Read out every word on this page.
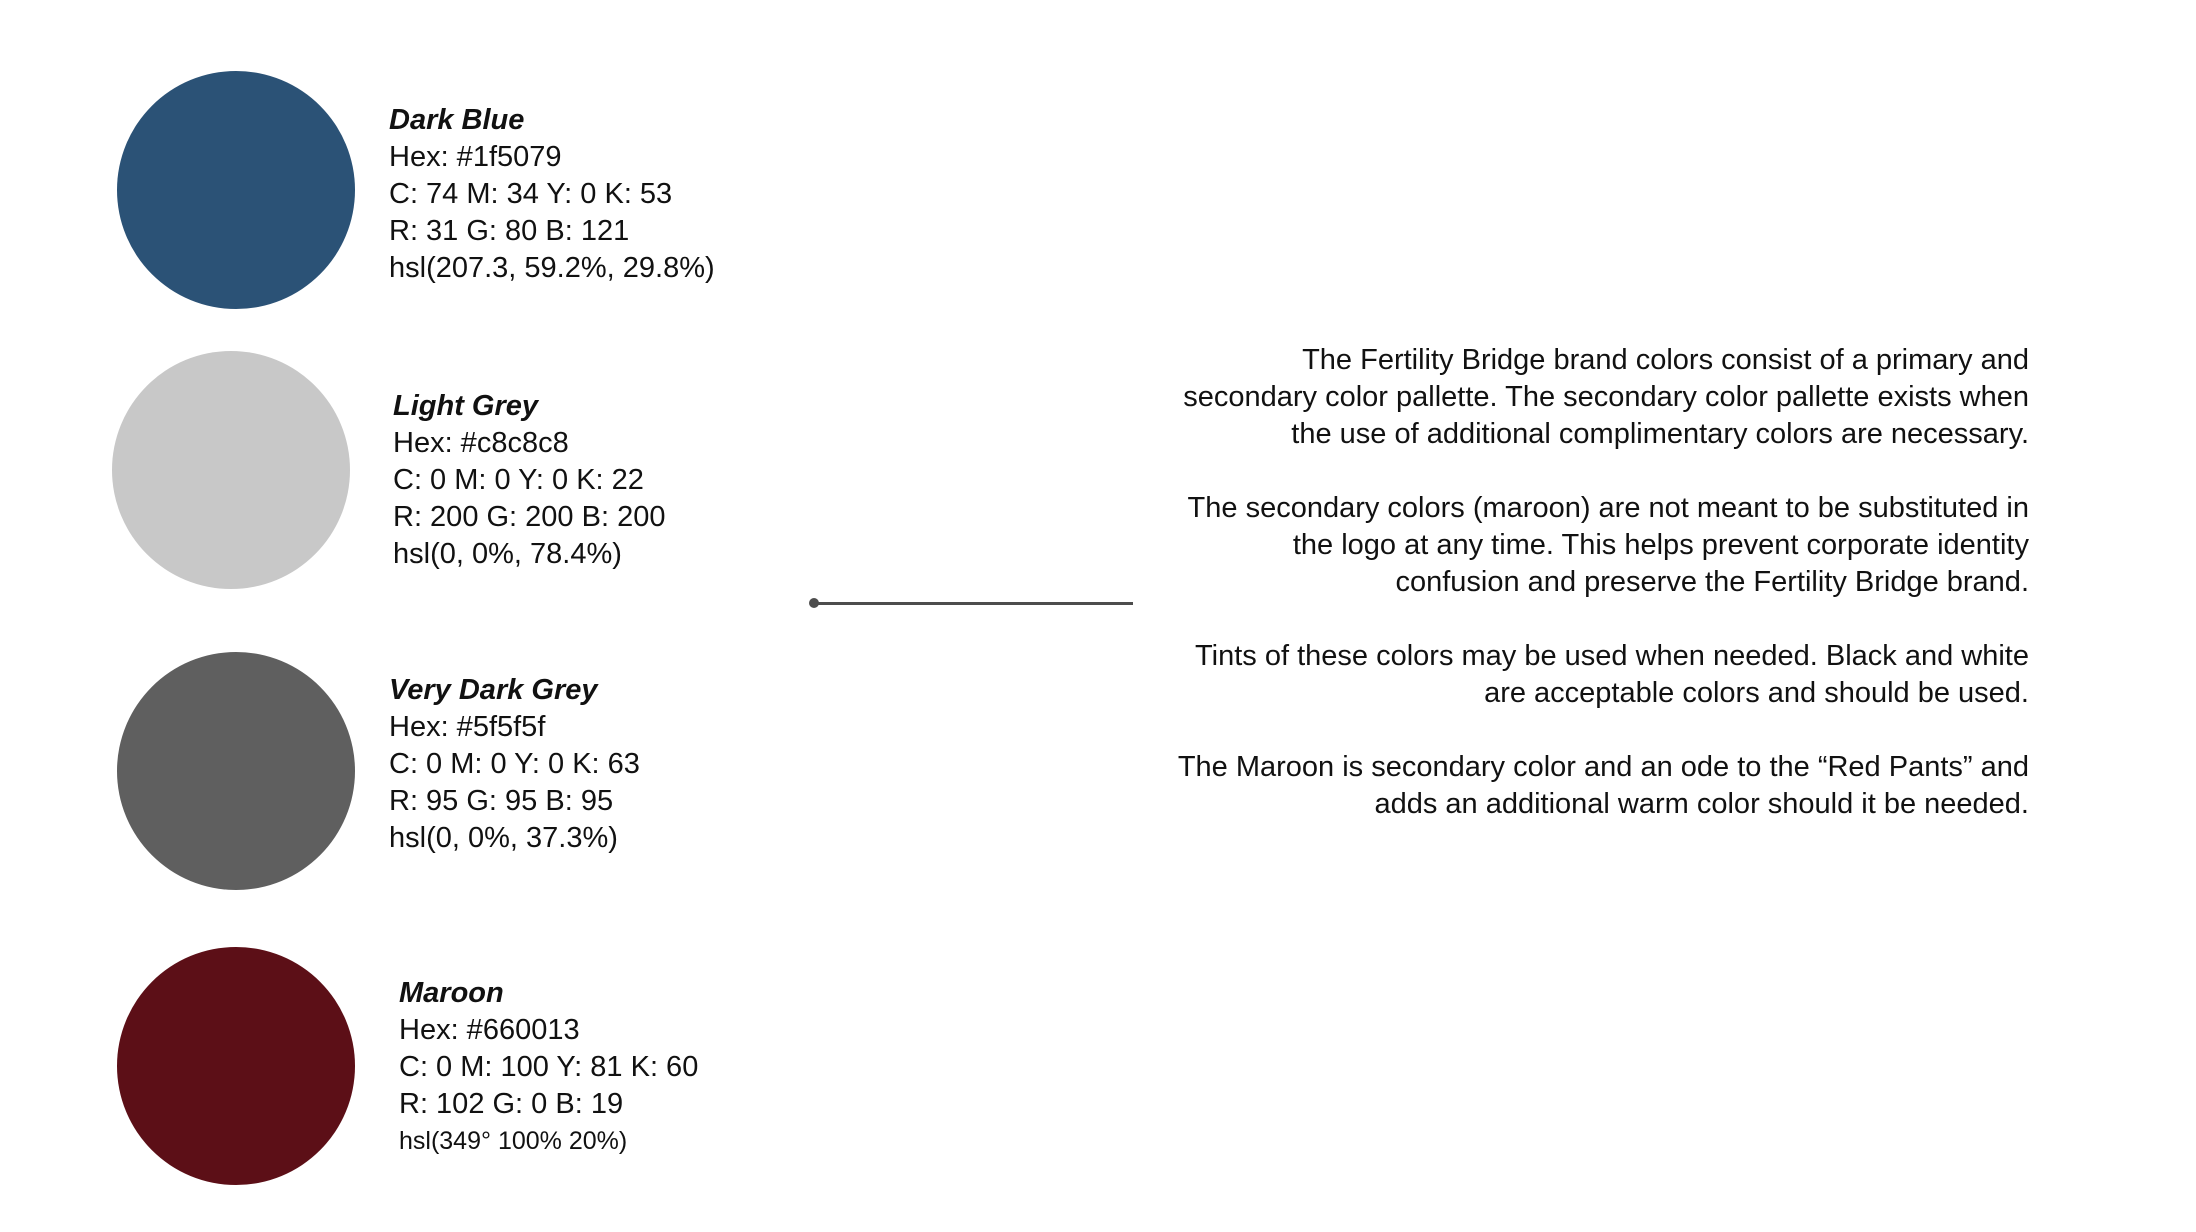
Dark Blue
Hex: #1f5079
C: 74 M: 34 Y: 0 K: 53
R: 31 G: 80 B: 121
hsl(207.3, 59.2%, 29.8%)
Light Grey
Hex: #c8c8c8
C: 0 M: 0 Y: 0 K: 22
R: 200 G: 200 B: 200
hsl(0, 0%, 78.4%)
Very Dark Grey
Hex: #5f5f5f
C: 0 M: 0 Y: 0 K: 63
R: 95 G: 95 B: 95
hsl(0, 0%, 37.3%)
Maroon
Hex: #660013
C: 0 M: 100 Y: 81 K: 60
R: 102 G: 0 B: 19
hsl(349° 100% 20%)

The Fertility Bridge brand colors consist of a primary and secondary color pallette. The secondary color pallette exists when the use of additional complimentary colors are necessary.

The secondary colors (maroon) are not meant to be substituted in the logo at any time. This helps prevent corporate identity confusion and preserve the Fertility Bridge brand.

Tints of these colors may be used when needed. Black and white are acceptable colors and should be used.

The Maroon is secondary color and an ode to the “Red Pants” and adds an additional warm color should it be needed.
